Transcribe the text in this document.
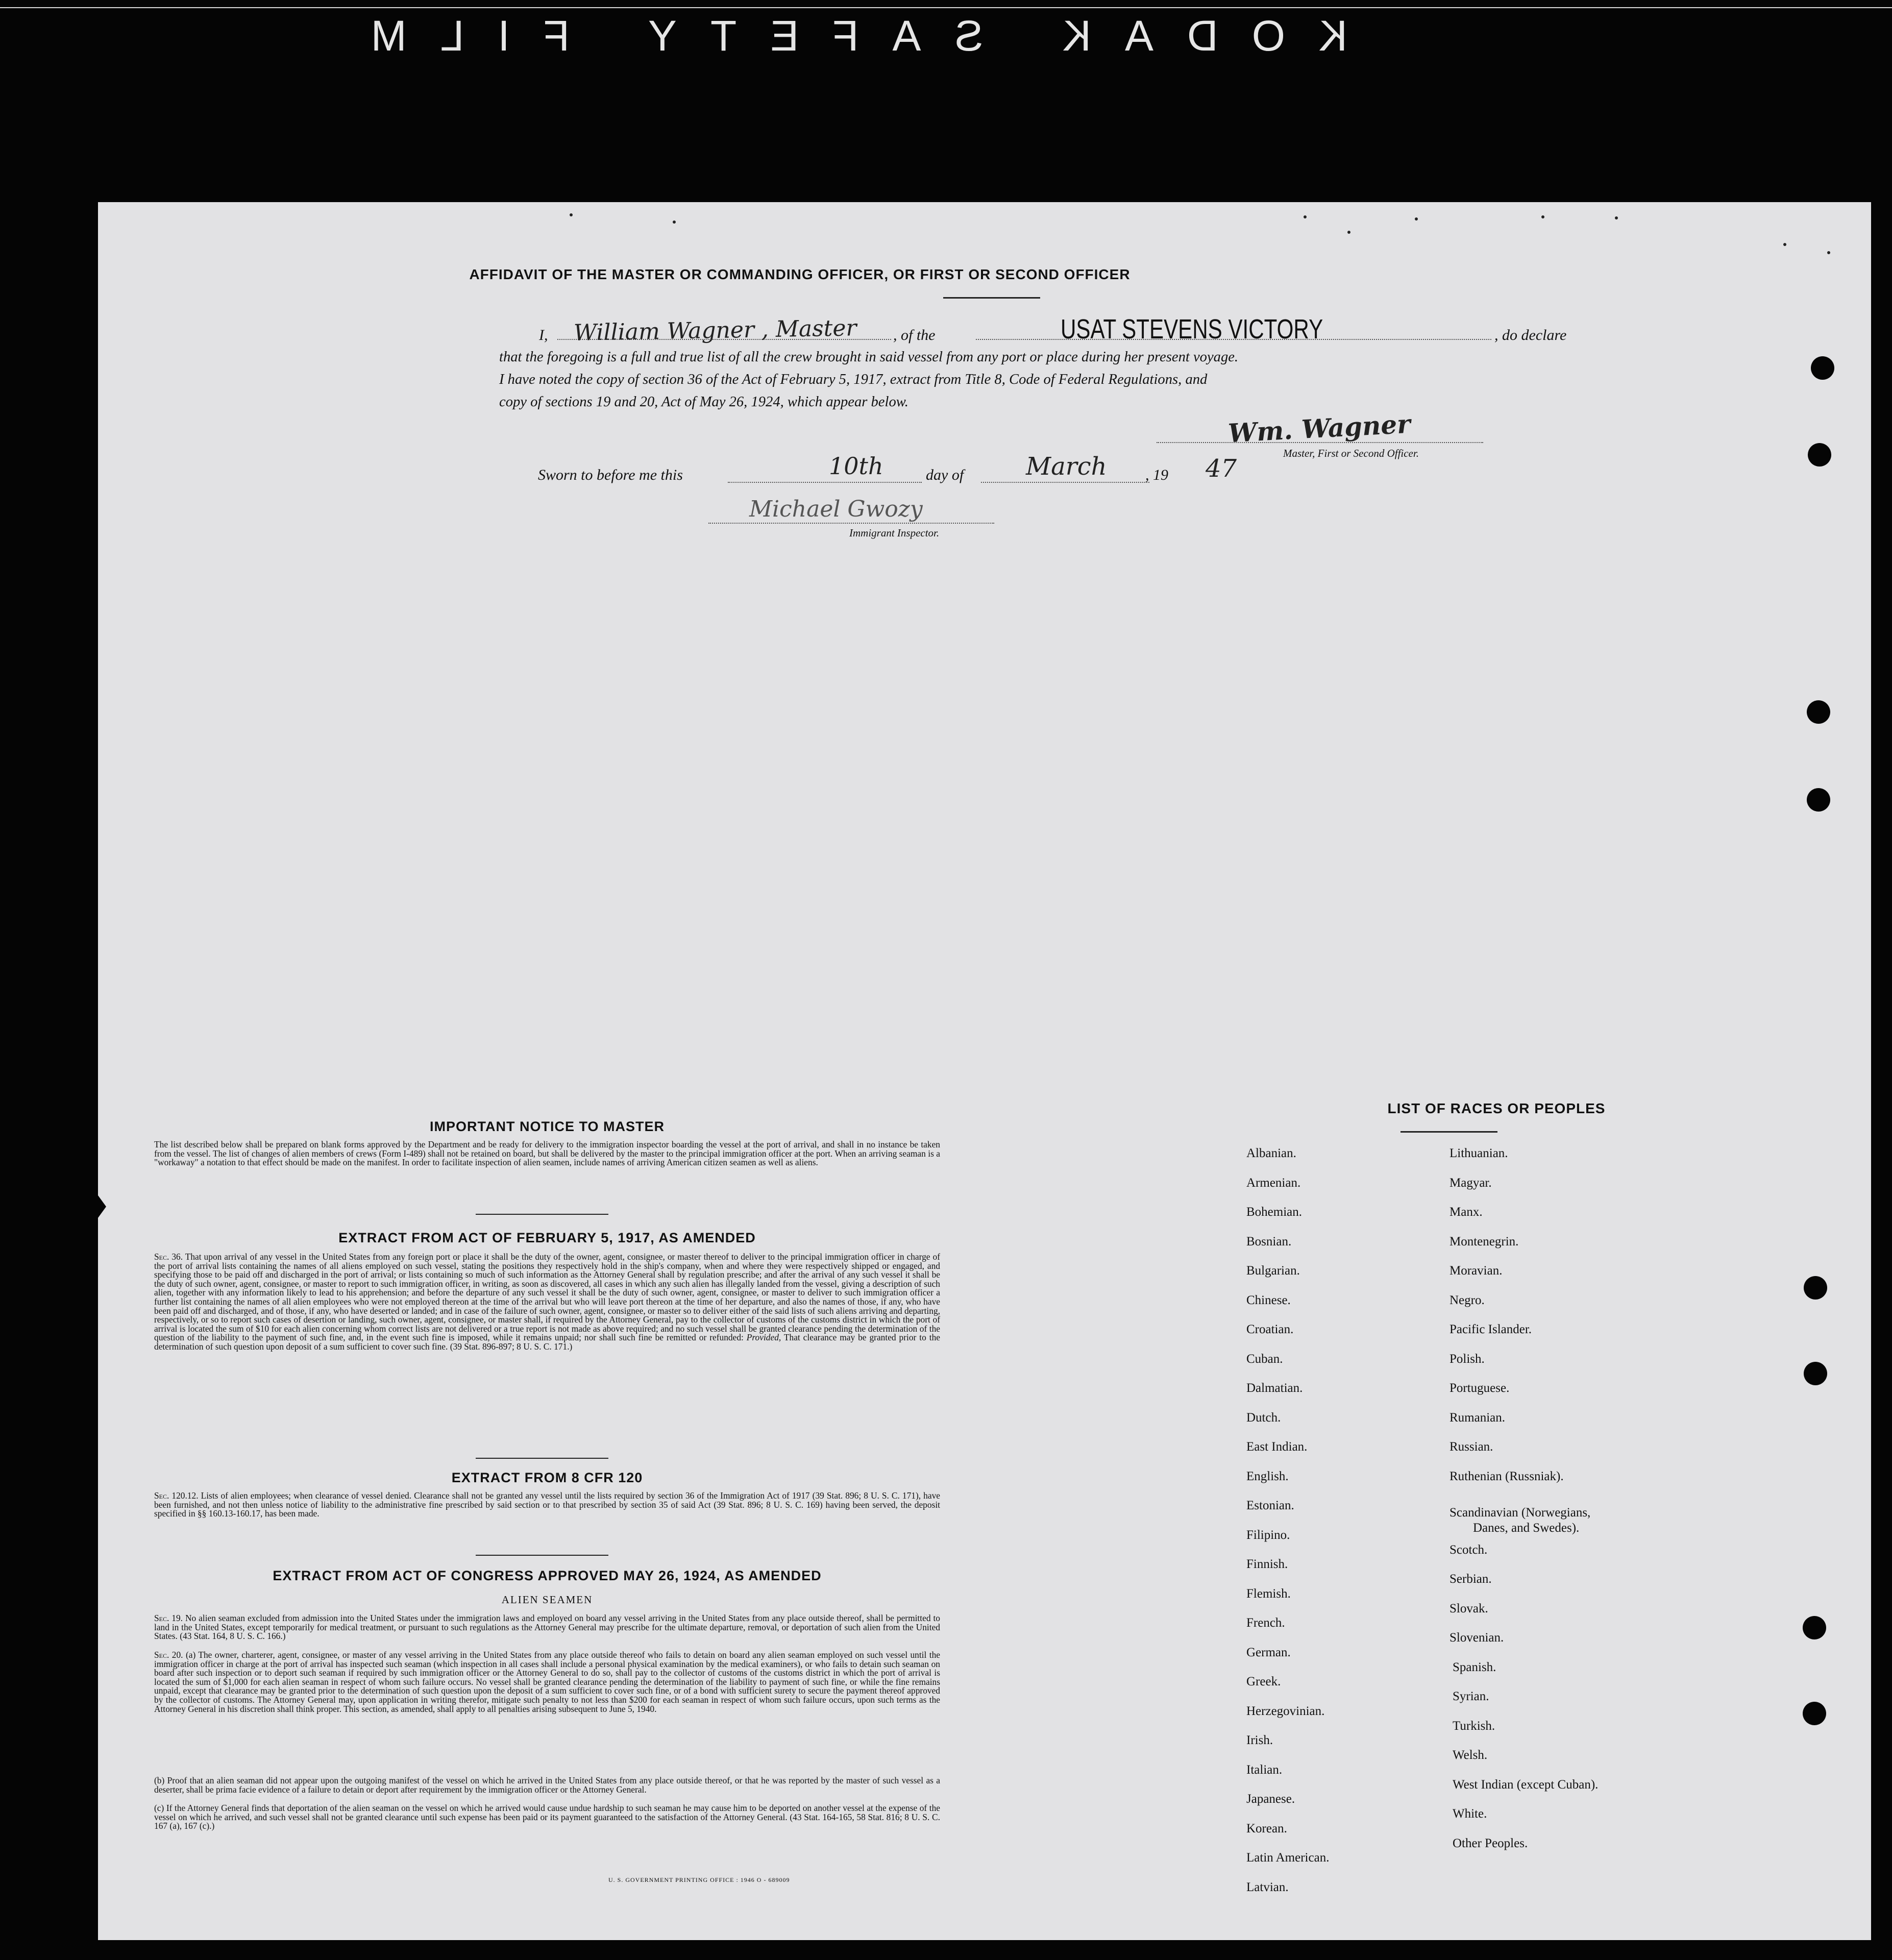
KODAK SAFETY FILM
AFFIDAVIT OF THE MASTER OR COMMANDING OFFICER, OR FIRST OR SECOND OFFICER
I, William Wagner , Master , of the	USAT STEVENS VICTORY	, do declare
that the foregoing is a full and true list of all the crew brought in said vessel from any port or place during her present voyage.
I have noted the copy of section 36 of the Act of February 5, 1917, extract from Title 8, Code of Federal Regulations, and
copy of sections 19 and 20, Act of May 26, 1924, which appear below.
Wm. Wagner
Master, First or Second Officer.
Sworn to before me this	10th	day of	March	, 19 47
Michael Gwozy
Immigrant Inspector.
IMPORTANT NOTICE TO MASTER
The list described below shall be prepared on blank forms approved by the Department and be ready for delivery to the immigration inspector boarding the vessel at the port of arrival, and shall in no instance be taken from the vessel. The list of changes of alien members of crews (Form I-489) shall not be retained on board, but shall be delivered by the master to the principal immigration officer at the port. When an arriving seaman is a "workaway" a notation to that effect should be made on the manifest. In order to facilitate inspection of alien seamen, include names of arriving American citizen seamen as well as aliens.
EXTRACT FROM ACT OF FEBRUARY 5, 1917, AS AMENDED
Sec. 36. That upon arrival of any vessel in the United States from any foreign port or place it shall be the duty of the owner, agent, consignee, or master thereof to deliver to the principal immigration officer in charge of the port of arrival lists containing the names of all aliens employed on such vessel, stating the positions they respectively hold in the ship's company, when and where they were respectively shipped or engaged, and specifying those to be paid off and discharged in the port of arrival; or lists containing so much of such information as the Attorney General shall by regulation prescribe; and after the arrival of any such vessel it shall be the duty of such owner, agent, consignee, or master to report to such immigration officer, in writing, as soon as discovered, all cases in which any such alien has illegally landed from the vessel, giving a description of such alien, together with any information likely to lead to his apprehension; and before the departure of any such vessel it shall be the duty of such owner, agent, consignee, or master to deliver to such immigration officer a further list containing the names of all alien employees who were not employed thereon at the time of the arrival but who will leave port thereon at the time of her departure, and also the names of those, if any, who have been paid off and discharged, and of those, if any, who have deserted or landed; and in case of the failure of such owner, agent, consignee, or master so to deliver either of the said lists of such aliens arriving and departing, respectively, or so to report such cases of desertion or landing, such owner, agent, consignee, or master shall, if required by the Attorney General, pay to the collector of customs of the customs district in which the port of arrival is located the sum of $10 for each alien concerning whom correct lists are not delivered or a true report is not made as above required; and no such vessel shall be granted clearance pending the determination of the question of the liability to the payment of such fine, and, in the event such fine is imposed, while it remains unpaid; nor shall such fine be remitted or refunded: Provided, That clearance may be granted prior to the determination of such question upon deposit of a sum sufficient to cover such fine. (39 Stat. 896-897; 8 U. S. C. 171.)
EXTRACT FROM 8 CFR 120
Sec. 120.12. Lists of alien employees; when clearance of vessel denied. Clearance shall not be granted any vessel until the lists required by section 36 of the Immigration Act of 1917 (39 Stat. 896; 8 U. S. C. 171), have been furnished, and not then unless notice of liability to the administrative fine prescribed by said section or to that prescribed by section 35 of said Act (39 Stat. 896; 8 U. S. C. 169) having been served, the deposit specified in §§ 160.13-160.17, has been made.
EXTRACT FROM ACT OF CONGRESS APPROVED MAY 26, 1924, AS AMENDED
ALIEN SEAMEN
Sec. 19. No alien seaman excluded from admission into the United States under the immigration laws and employed on board any vessel arriving in the United States from any place outside thereof, shall be permitted to land in the United States, except temporarily for medical treatment, or pursuant to such regulations as the Attorney General may prescribe for the ultimate departure, removal, or deportation of such alien from the United States. (43 Stat. 164, 8 U. S. C. 166.)
Sec. 20. (a) The owner, charterer, agent, consignee, or master of any vessel arriving in the United States from any place outside thereof who fails to detain on board any alien seaman employed on such vessel until the immigration officer in charge at the port of arrival has inspected such seaman (which inspection in all cases shall include a personal physical examination by the medical examiners), or who fails to detain such seaman on board after such inspection or to deport such seaman if required by such immigration officer or the Attorney General to do so, shall pay to the collector of customs of the customs district in which the port of arrival is located the sum of $1,000 for each alien seaman in respect of whom such failure occurs. No vessel shall be granted clearance pending the determination of the liability to payment of such fine, or while the fine remains unpaid, except that clearance may be granted prior to the determination of such question upon the deposit of a sum sufficient to cover such fine, or of a bond with sufficient surety to secure the payment thereof approved by the collector of customs. The Attorney General may, upon application in writing therefor, mitigate such penalty to not less than $200 for each seaman in respect of whom such failure occurs, upon such terms as the Attorney General in his discretion shall think proper. This section, as amended, shall apply to all penalties arising subsequent to June 5, 1940.
(b) Proof that an alien seaman did not appear upon the outgoing manifest of the vessel on which he arrived in the United States from any place outside thereof, or that he was reported by the master of such vessel as a deserter, shall be prima facie evidence of a failure to detain or deport after requirement by the immigration officer or the Attorney General.
(c) If the Attorney General finds that deportation of the alien seaman on the vessel on which he arrived would cause undue hardship to such seaman he may cause him to be deported on another vessel at the expense of the vessel on which he arrived, and such vessel shall not be granted clearance until such expense has been paid or its payment guaranteed to the satisfaction of the Attorney General. (43 Stat. 164-165, 58 Stat. 816; 8 U. S. C. 167 (a), 167 (c).)
U. S. GOVERNMENT PRINTING OFFICE : 1946 O - 689009
LIST OF RACES OR PEOPLES
Albanian.
Armenian.
Bohemian.
Bosnian.
Bulgarian.
Chinese.
Croatian.
Cuban.
Dalmatian.
Dutch.
East Indian.
English.
Estonian.
Filipino.
Finnish.
Flemish.
French.
German.
Greek.
Herzegovinian.
Irish.
Italian.
Japanese.
Korean.
Latin American.
Latvian.
Lithuanian.
Magyar.
Manx.
Montenegrin.
Moravian.
Negro.
Pacific Islander.
Polish.
Portuguese.
Rumanian.
Russian.
Ruthenian (Russniak).
Scandinavian (Norwegians,
Danes, and Swedes).
Scotch.
Serbian.
Slovak.
Slovenian.
Spanish.
Syrian.
Turkish.
Welsh.
West Indian (except Cuban).
White.
Other Peoples.
